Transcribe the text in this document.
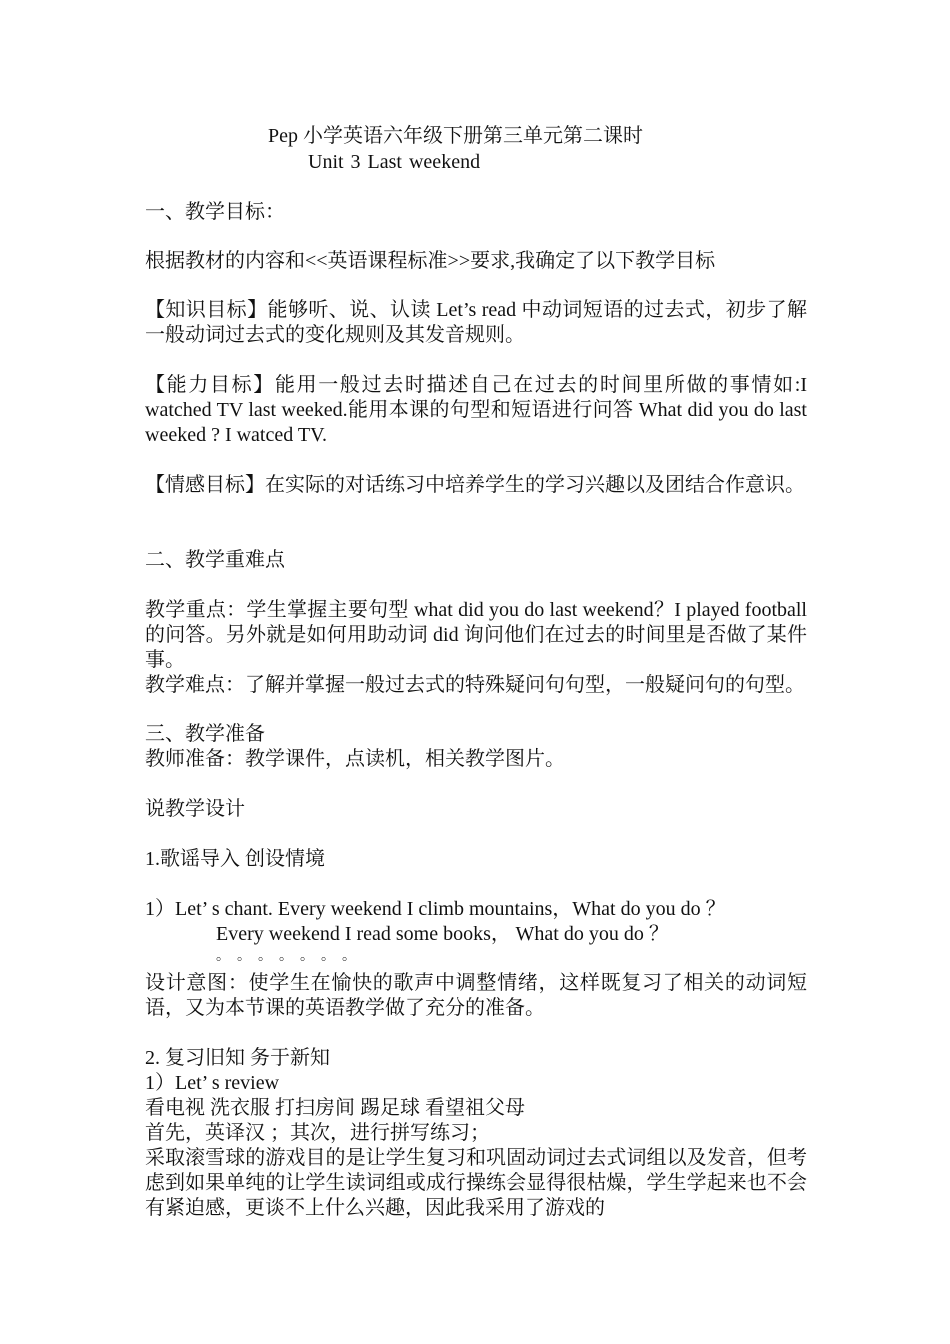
Pep 小学英语六年级下册第三单元第二课时
Unit 3 Last weekend
一、教学目标：
根据教材的内容和<<英语课程标准>>要求,我确定了以下教学目标
【知识目标】能够听、说、认读 Let’s read 中动词短语的过去式，初步了解一般动词过去式的变化规则及其发音规则。
【能力目标】能用一般过去时描述自己在过去的时间里所做的事情如:I watched TV last weeked.能用本课的句型和短语进行问答 What did you do last weeked ? I watced TV.
【情感目标】在实际的对话练习中培养学生的学习兴趣以及团结合作意识。
二、教学重难点
教学重点：学生掌握主要句型 what did you do last weekend？I played football 的问答。另外就是如何用助动词 did 询问他们在过去的时间里是否做了某件事。
教学难点：了解并掌握一般过去式的特殊疑问句句型，一般疑问句的句型。
三、教学准备
教师准备：教学课件，点读机，相关教学图片。
说教学设计
1.歌谣导入 创设情境
1）Let’ s chant. Every weekend I climb mountains，What do you do ？
Every weekend I read some books， What do you do ？
。。。。。。。
设计意图：使学生在愉快的歌声中调整情绪，这样既复习了相关的动词短语，又为本节课的英语教学做了充分的准备。
2. 复习旧知 务于新知
1）Let’ s review
看电视 洗衣服 打扫房间 踢足球 看望祖父母
首先，英译汉 ；其次，进行拼写练习；
采取滚雪球的游戏目的是让学生复习和巩固动词过去式词组以及发音，但考虑到如果单纯的让学生读词组或成行操练会显得很枯燥，学生学起来也不会有紧迫感，更谈不上什么兴趣，因此我采用了游戏的
